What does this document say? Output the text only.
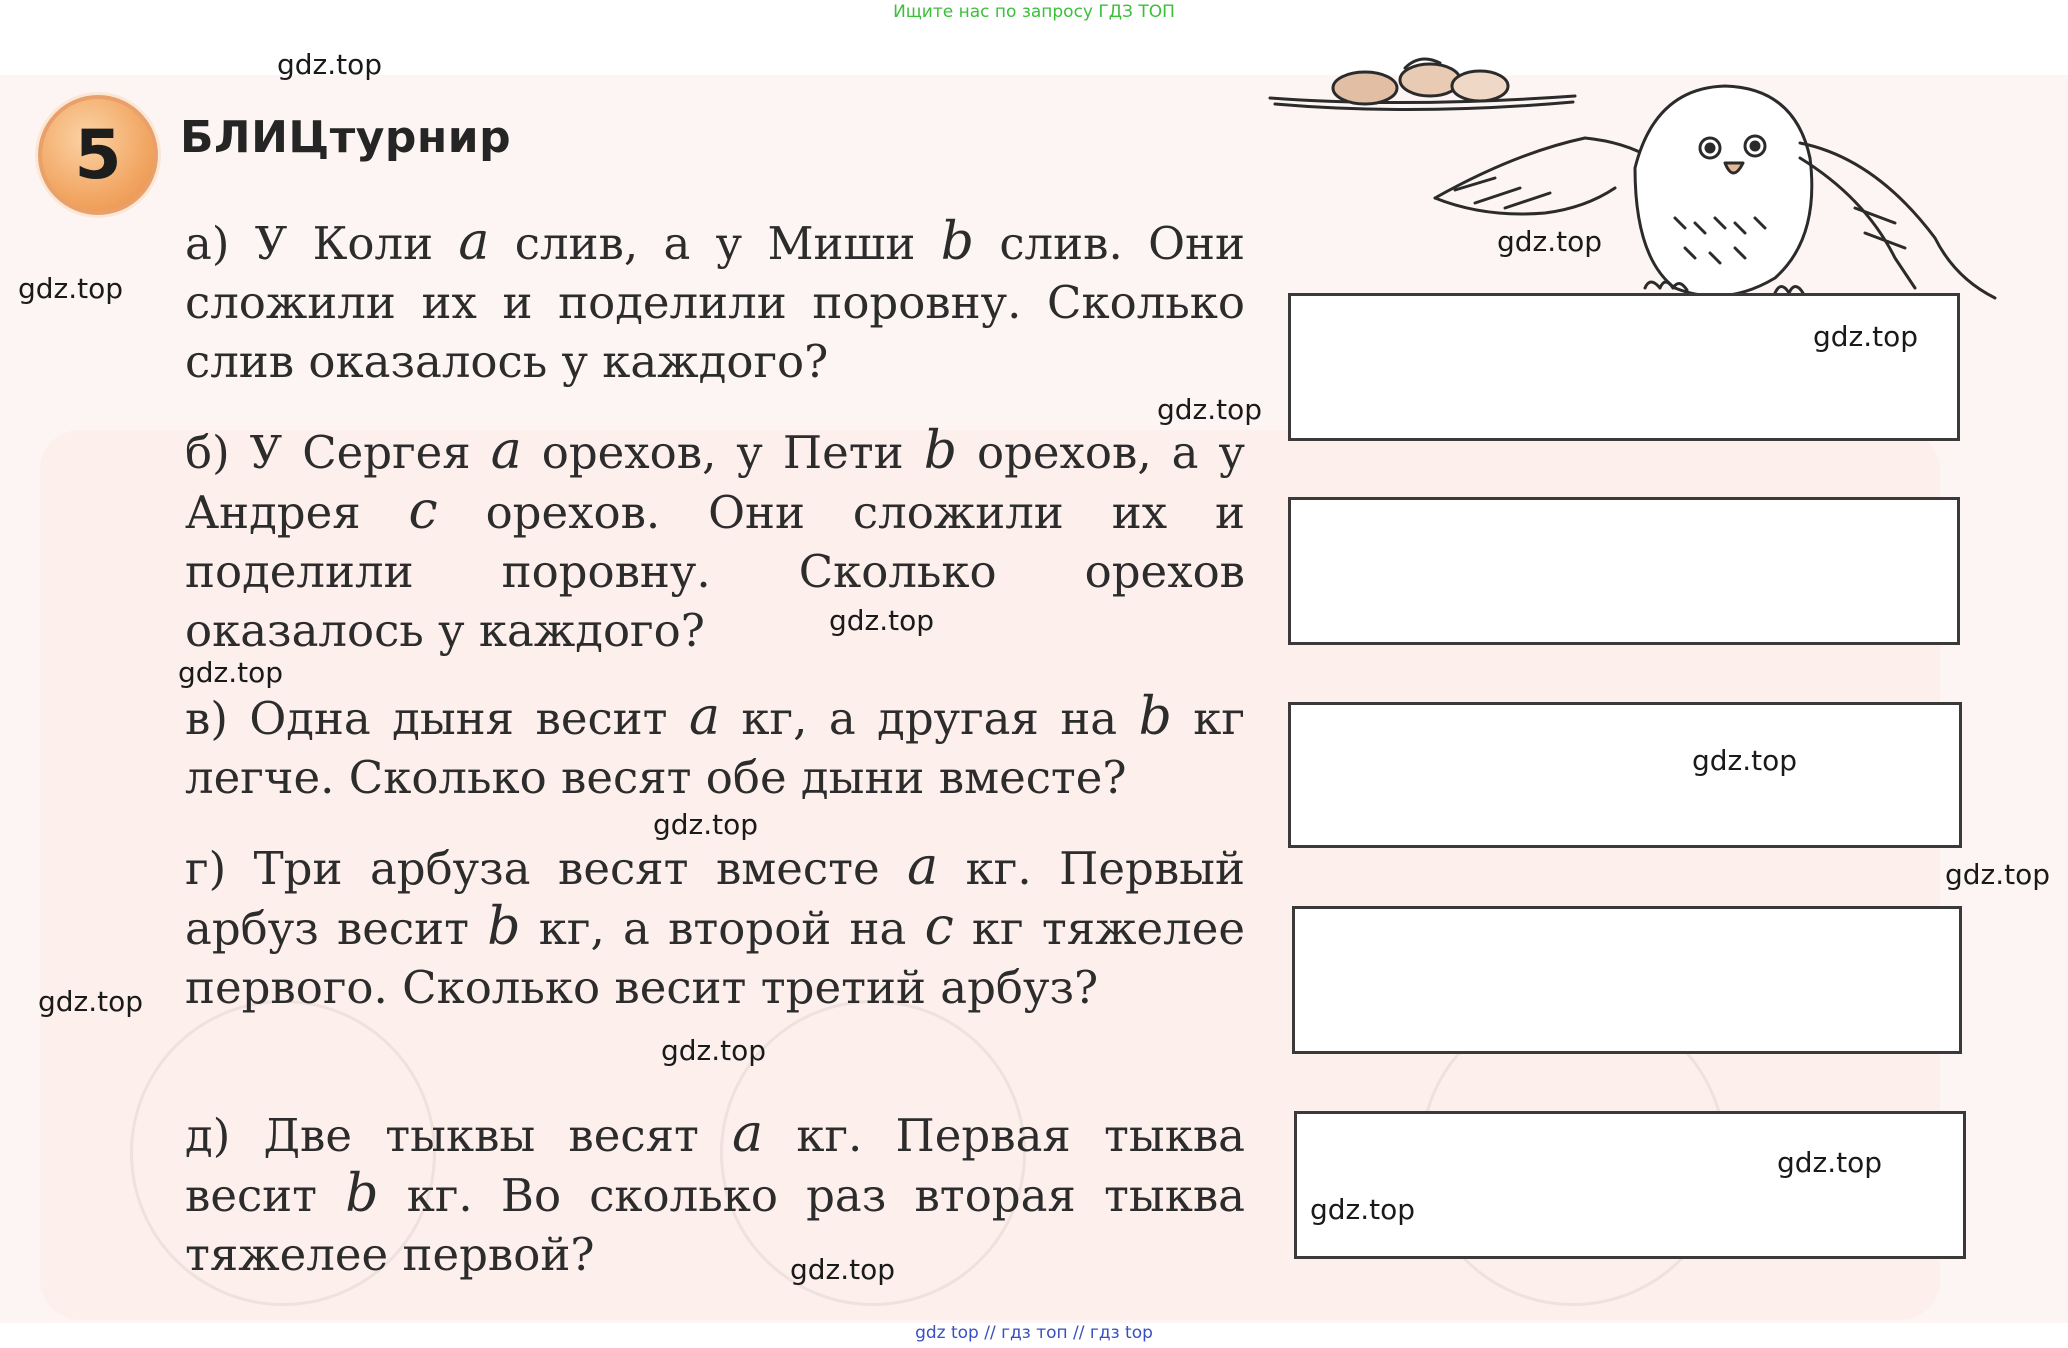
Ищите нас по запросу ГДЗ ТОП
5	БЛИЦтурнир
а) У Коли a слив, а у Миши b слив. Они сложили их и поделили поровну. Сколько слив оказалось у каждого?
б) У Сергея a орехов, у Пети b орехов, а у Андрея c орехов. Они сложили их и поделили поровну. Сколько орехов оказалось у каждого?
в) Одна дыня весит a кг, а другая на b кг легче. Сколько весят обе дыни вместе?
г) Три арбуза весят вместе a кг. Первый арбуз весит b кг, а второй на c кг тяжелее первого. Сколько весит третий арбуз?
д) Две тыквы весят a кг. Первая тыква весит b кг. Во сколько раз вторая тыква тяжелее первой?
gdz.top
gdz.top
gdz.top
gdz.top
gdz.top
gdz.top
gdz.top
gdz.top
gdz.top
gdz.top
gdz.top
gdz.top
gdz.top
gdz.top
gdz.top
gdz top // гдз топ // гдз top
